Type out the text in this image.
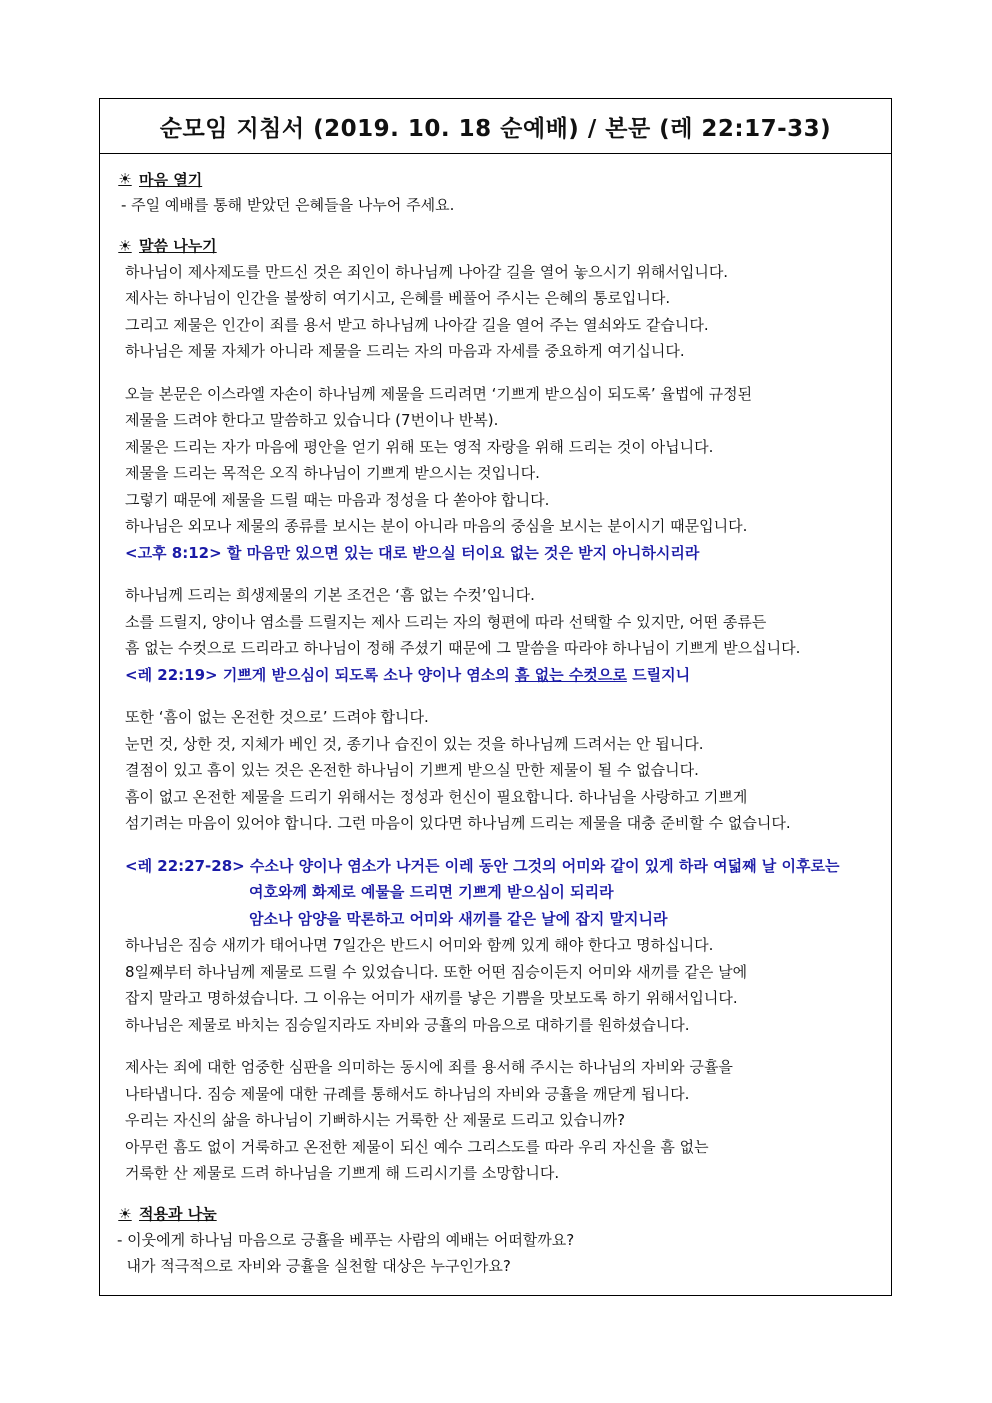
순모임 지침서 (2019. 10. 18 순예배) / 본문 (레 22:17-33)
☀ 마음 열기
- 주일 예배를 통해 받았던 은혜들을 나누어 주세요.
☀ 말씀 나누기
하나님이 제사제도를 만드신 것은 죄인이 하나님께 나아갈 길을 열어 놓으시기 위해서입니다.
제사는 하나님이 인간을 불쌍히 여기시고, 은혜를 베풀어 주시는 은혜의 통로입니다.
그리고 제물은 인간이 죄를 용서 받고 하나님께 나아갈 길을 열어 주는 열쇠와도 같습니다.
하나님은 제물 자체가 아니라 제물을 드리는 자의 마음과 자세를 중요하게 여기십니다.
오늘 본문은 이스라엘 자손이 하나님께 제물을 드리려면 ‘기쁘게 받으심이 되도록’ 율법에 규정된
제물을 드려야 한다고 말씀하고 있습니다 (7번이나 반복).
제물은 드리는 자가 마음에 평안을 얻기 위해 또는 영적 자랑을 위해 드리는 것이 아닙니다.
제물을 드리는 목적은 오직 하나님이 기쁘게 받으시는 것입니다.
그렇기 때문에 제물을 드릴 때는 마음과 정성을 다 쏟아야 합니다.
하나님은 외모나 제물의 종류를 보시는 분이 아니라 마음의 중심을 보시는 분이시기 때문입니다.
<고후 8:12> 할 마음만 있으면 있는 대로 받으실 터이요 없는 것은 받지 아니하시리라
하나님께 드리는 희생제물의 기본 조건은 ‘흠 없는 수컷’입니다.
소를 드릴지, 양이나 염소를 드릴지는 제사 드리는 자의 형편에 따라 선택할 수 있지만, 어떤 종류든
흠 없는 수컷으로 드리라고 하나님이 정해 주셨기 때문에 그 말씀을 따라야 하나님이 기쁘게 받으십니다.
<레 22:19> 기쁘게 받으심이 되도록 소나 양이나 염소의 흠 없는 수컷으로 드릴지니
또한 ‘흠이 없는 온전한 것으로’ 드려야 합니다.
눈먼 것, 상한 것, 지체가 베인 것, 종기나 습진이 있는 것을 하나님께 드려서는 안 됩니다.
결점이 있고 흠이 있는 것은 온전한 하나님이 기쁘게 받으실 만한 제물이 될 수 없습니다.
흠이 없고 온전한 제물을 드리기 위해서는 정성과 헌신이 필요합니다. 하나님을 사랑하고 기쁘게
섬기려는 마음이 있어야 합니다. 그런 마음이 있다면 하나님께 드리는 제물을 대충 준비할 수 없습니다.
<레 22:27-28> 수소나 양이나 염소가 나거든 이레 동안 그것의 어미와 같이 있게 하라 여덟째 날 이후로는
여호와께 화제로 예물을 드리면 기쁘게 받으심이 되리라
암소나 암양을 막론하고 어미와 새끼를 같은 날에 잡지 말지니라
하나님은 짐승 새끼가 태어나면 7일간은 반드시 어미와 함께 있게 해야 한다고 명하십니다.
8일째부터 하나님께 제물로 드릴 수 있었습니다. 또한 어떤 짐승이든지 어미와 새끼를 같은 날에
잡지 말라고 명하셨습니다. 그 이유는 어미가 새끼를 낳은 기쁨을 맛보도록 하기 위해서입니다.
하나님은 제물로 바치는 짐승일지라도 자비와 긍휼의 마음으로 대하기를 원하셨습니다.
제사는 죄에 대한 엄중한 심판을 의미하는 동시에 죄를 용서해 주시는 하나님의 자비와 긍휼을
나타냅니다. 짐승 제물에 대한 규례를 통해서도 하나님의 자비와 긍휼을 깨닫게 됩니다.
우리는 자신의 삶을 하나님이 기뻐하시는 거룩한 산 제물로 드리고 있습니까?
아무런 흠도 없이 거룩하고 온전한 제물이 되신 예수 그리스도를 따라 우리 자신을 흠 없는
거룩한 산 제물로 드려 하나님을 기쁘게 해 드리시기를 소망합니다.
☀ 적용과 나눔
- 이웃에게 하나님 마음으로 긍휼을 베푸는 사람의 예배는 어떠할까요?
내가 적극적으로 자비와 긍휼을 실천할 대상은 누구인가요?
